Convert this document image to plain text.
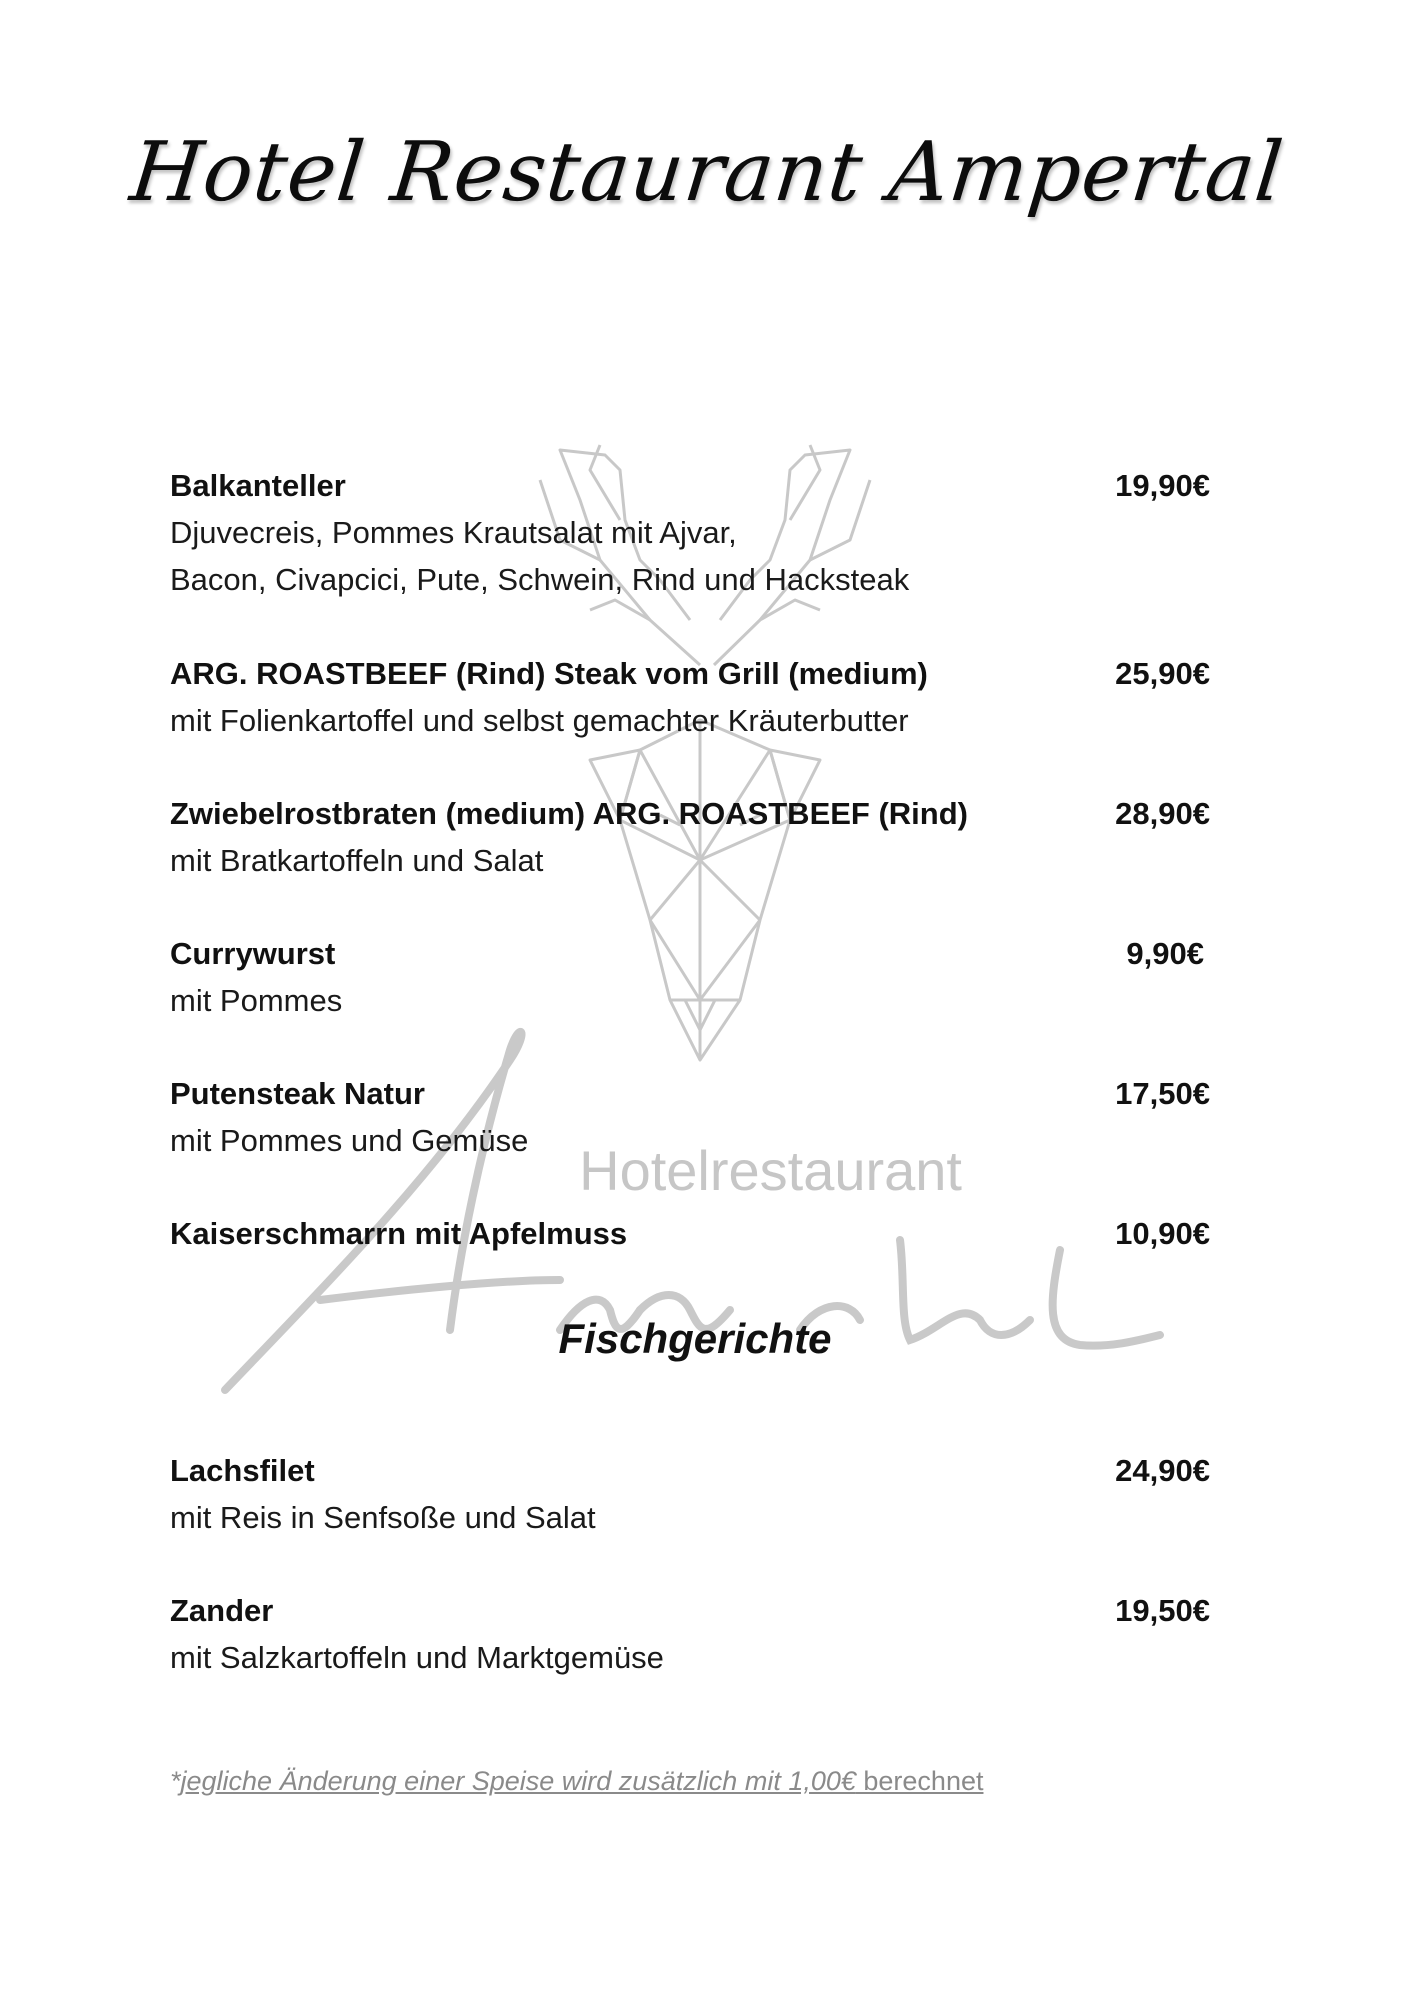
Hotelrestaurant
Hotel Restaurant Ampertal
Balkanteller	19,90€
Djuvecreis, Pommes Krautsalat mit Ajvar,
Bacon, Civapcici, Pute, Schwein, Rind und Hacksteak
ARG. ROASTBEEF (Rind) Steak vom Grill (medium)	25,90€
mit Folienkartoffel und selbst gemachter Kräuterbutter
Zwiebelrostbraten (medium) ARG. ROASTBEEF (Rind)	28,90€
mit Bratkartoffeln und Salat
Currywurst	9,90€
mit Pommes
Putensteak Natur	17,50€
mit Pommes und Gemüse
Kaiserschmarrn mit Apfelmuss	10,90€
Fischgerichte
Lachsfilet	24,90€
mit Reis in Senfsoße und Salat
Zander	19,50€
mit Salzkartoffeln und Marktgemüse
*jegliche Änderung einer Speise wird zusätzlich mit 1,00€ berechnet
